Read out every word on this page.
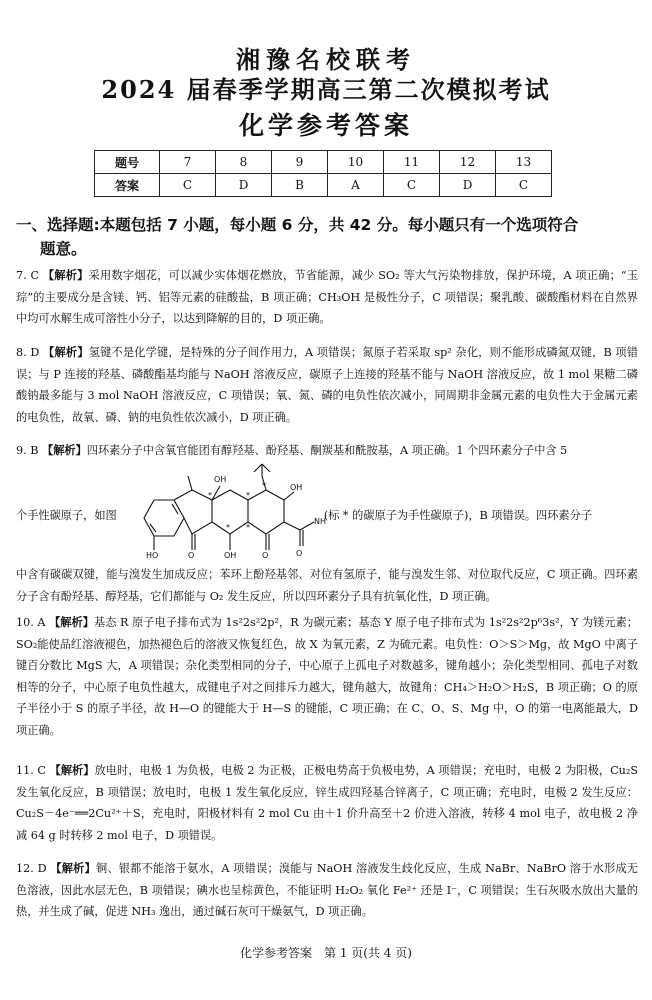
湘豫名校联考
2024 届春季学期高三第二次模拟考试
化学参考答案
题号	7	8	9	10	11	12	13
答案	C	D	B	A	C	D	C
一、选择题:本题包括 7 小题，每小题 6 分，共 42 分。每小题只有一个选项符合
题意。
7. C 【解析】采用数字烟花，可以减少实体烟花燃放，节省能源，减少 SO₂ 等大气污染物排放，保护环境，A 项正确；“玉琮”的主要成分是含镁、钙、铝等元素的硅酸盐，B 项正确；CH₃OH 是极性分子，C 项错误；聚乳酸、碳酸酯材料在自然界中均可水解生成可溶性小分子，以达到降解的目的，D 项正确。
8. D 【解析】氢键不是化学键，是特殊的分子间作用力，A 项错误；氮原子若采取 sp² 杂化，则不能形成磷氮双键，B 项错误；与 P 连接的羟基、磷酸酯基均能与 NaOH 溶液反应，碳原子上连接的羟基不能与 NaOH 溶液反应，故 1 mol 果糖二磷酸钠最多能与 3 mol NaOH 溶液反应，C 项错误；氧、氮、磷的电负性依次减小，同周期非金属元素的电负性大于金属元素的电负性，故氧、磷、钠的电负性依次减小，D 项正确。
9. B 【解析】四环素分子中含氧官能团有醇羟基、酚羟基、酮羰基和酰胺基，A 项正确。1 个四环素分子中含 5
个手性碳原子，如图	(标 * 的碳原子为手性碳原子)，B 项错误。四环素分子
OH
OH
NH
O
O
OH
O
HO
*
*
* *
*
中含有碳碳双键，能与溴发生加成反应；苯环上酚羟基邻、对位有氢原子，能与溴发生邻、对位取代反应，C 项正确。四环素分子含有酚羟基、醇羟基，它们都能与 O₂ 发生反应，所以四环素分子具有抗氧化性，D 项正确。
10. A 【解析】基态 R 原子电子排布式为 1s²2s²2p²，R 为碳元素；基态 Y 原子电子排布式为 1s²2s²2p⁶3s²，Y 为镁元素；SO₂能使品红溶液褪色，加热褪色后的溶液又恢复红色，故 X 为氧元素，Z 为硫元素。电负性：O＞S＞Mg，故 MgO 中离子键百分数比 MgS 大，A 项错误；杂化类型相同的分子，中心原子上孤电子对数越多，键角越小；杂化类型相同、孤电子对数相等的分子，中心原子电负性越大，成键电子对之间排斥力越大，键角越大，故键角：CH₄＞H₂O＞H₂S，B 项正确；O 的原子半径小于 S 的原子半径，故 H—O 的键能大于 H—S 的键能，C 项正确；在 C、O、S、Mg 中，O 的第一电离能最大，D 项正确。
11. C 【解析】放电时，电极 1 为负极，电极 2 为正极，正极电势高于负极电势，A 项错误；充电时，电极 2 为阳极，Cu₂S 发生氧化反应，B 项错误；放电时，电极 1 发生氧化反应，锌生成四羟基合锌离子，C 项正确；充电时，电极 2 发生反应：Cu₂S－4e⁻══2Cu²⁺＋S，充电时，阳极材料有 2 mol Cu 由＋1 价升高至＋2 价进入溶液，转移 4 mol 电子，故电极 2 净减 64 g 时转移 2 mol 电子，D 项错误。
12. D 【解析】铜、银都不能溶于氨水，A 项错误；溴能与 NaOH 溶液发生歧化反应，生成 NaBr、NaBrO 溶于水形成无色溶液，因此水层无色，B 项错误；碘水也呈棕黄色，不能证明 H₂O₂ 氧化 Fe²⁺ 还是 I⁻，C 项错误；生石灰吸水放出大量的热，并生成了碱，促进 NH₃ 逸出，通过碱石灰可干燥氨气，D 项正确。
化学参考答案　第 1 页(共 4 页)
